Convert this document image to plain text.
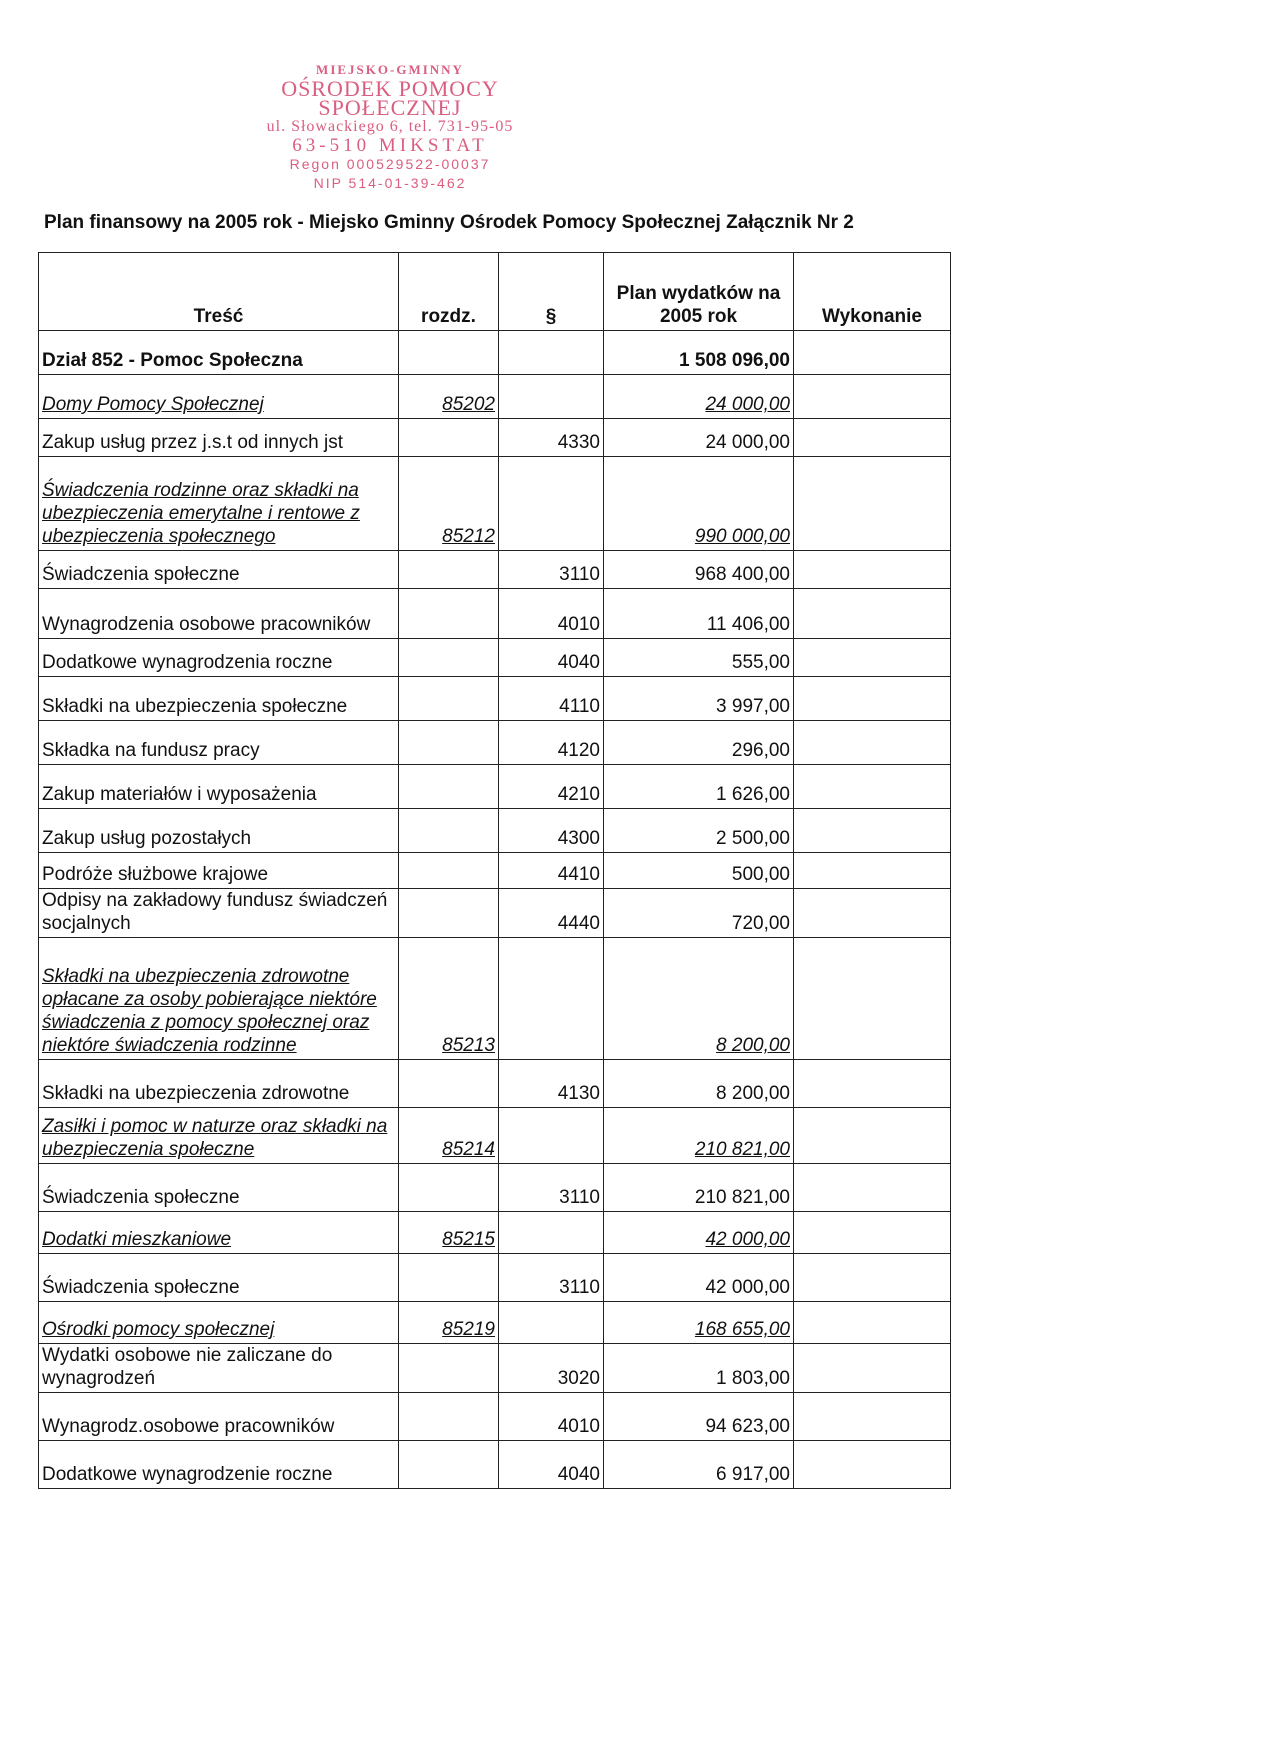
MIEJSKO-GMINNY
OŚRODEK POMOCY SPOŁECZNEJ
ul. Słowackiego 6, tel. 731-95-05
63-510 MIKSTAT
Regon 000529522-00037
NIP 514-01-39-462
Plan finansowy na 2005 rok - Miejsko Gminny Ośrodek Pomocy Społecznej Załącznik Nr 2
Treść	rozdz.	§	Plan wydatków na 2005 rok	Wykonanie
Dział 852 - Pomoc Społeczna			1 508 096,00	
Domy Pomocy Społecznej	85202		24 000,00	
Zakup usług przez j.s.t od innych jst		4330	24 000,00	
Świadczenia rodzinne oraz składki na ubezpieczenia emerytalne i rentowe z ubezpieczenia społecznego	85212		990 000,00	
Świadczenia społeczne		3110	968 400,00	
Wynagrodzenia osobowe pracowników		4010	11 406,00	
Dodatkowe wynagrodzenia roczne		4040	555,00	
Składki na ubezpieczenia społeczne		4110	3 997,00	
Składka na fundusz pracy		4120	296,00	
Zakup materiałów i wyposażenia		4210	1 626,00	
Zakup usług pozostałych		4300	2 500,00	
Podróże służbowe krajowe		4410	500,00	
Odpisy na zakładowy fundusz świadczeń socjalnych		4440	720,00	
Składki na ubezpieczenia zdrowotne opłacane za osoby pobierające niektóre świadczenia z pomocy społecznej oraz niektóre świadczenia rodzinne	85213		8 200,00	
Składki na ubezpieczenia zdrowotne		4130	8 200,00	
Zasiłki i pomoc w naturze oraz składki na ubezpieczenia społeczne	85214		210 821,00	
Świadczenia społeczne		3110	210 821,00	
Dodatki mieszkaniowe	85215		42 000,00	
Świadczenia społeczne		3110	42 000,00	
Ośrodki pomocy społecznej	85219		168 655,00	
Wydatki osobowe nie zaliczane do wynagrodzeń		3020	1 803,00	
Wynagrodz.osobowe pracowników		4010	94 623,00	
Dodatkowe wynagrodzenie roczne		4040	6 917,00	
